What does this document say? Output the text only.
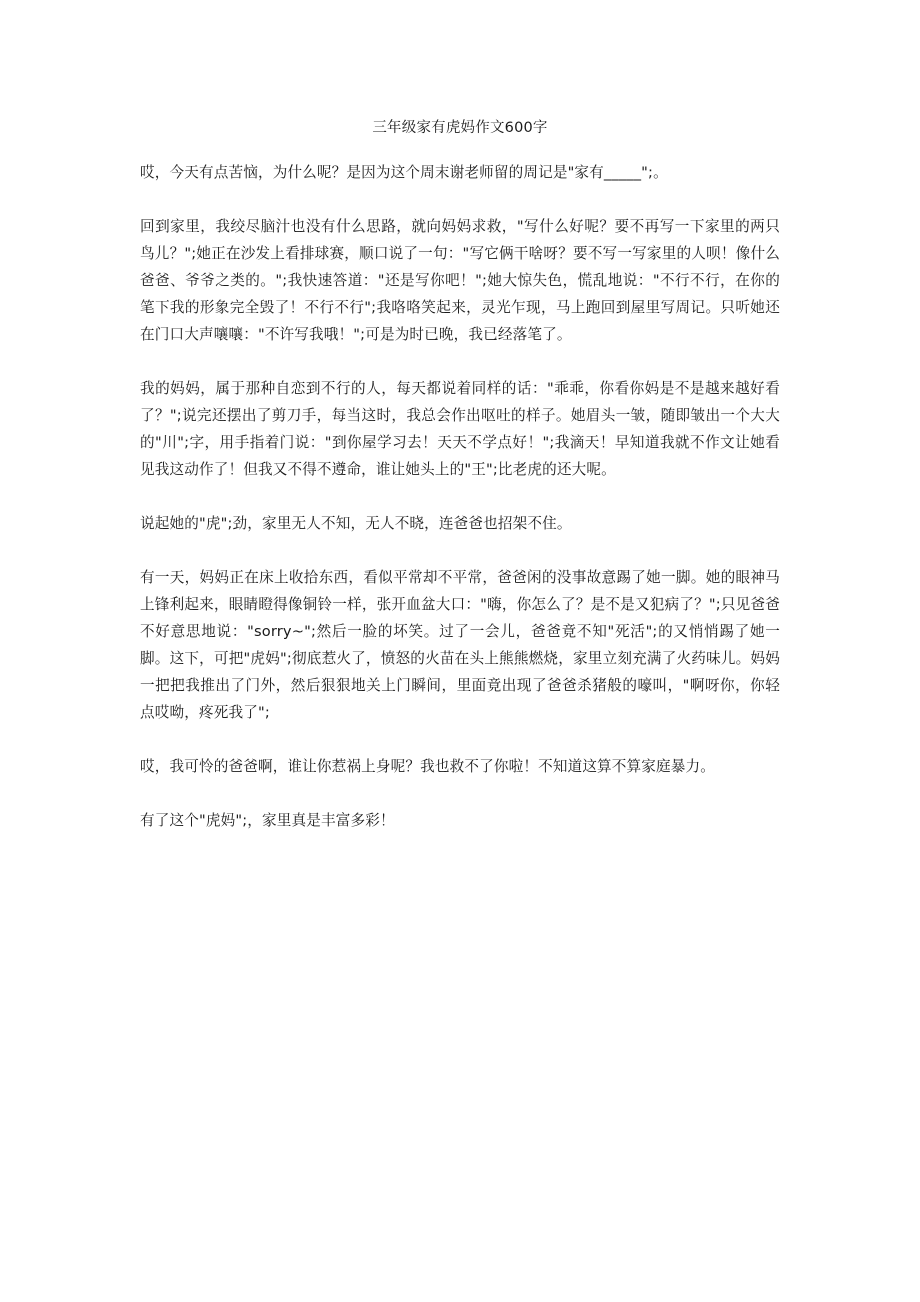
三年级家有虎妈作文600字

哎，今天有点苦恼，为什么呢？是因为这个周末谢老师留的周记是"家有_____";。

回到家里，我绞尽脑汁也没有什么思路，就向妈妈求救，"写什么好呢？要不再写一下家里的两只鸟儿？";她正在沙发上看排球赛，顺口说了一句："写它俩干啥呀？要不写一写家里的人呗！像什么爸爸、爷爷之类的。";我快速答道："还是写你吧！";她大惊失色，慌乱地说："不行不行，在你的笔下我的形象完全毁了！不行不行";我咯咯笑起来，灵光乍现，马上跑回到屋里写周记。只听她还在门口大声嚷嚷："不许写我哦！";可是为时已晚，我已经落笔了。

我的妈妈，属于那种自恋到不行的人，每天都说着同样的话："乖乖，你看你妈是不是越来越好看了？";说完还摆出了剪刀手，每当这时，我总会作出呕吐的样子。她眉头一皱，随即皱出一个大大的"川";字，用手指着门说："到你屋学习去！天天不学点好！";我滴天！早知道我就不作文让她看见我这动作了！但我又不得不遵命，谁让她头上的"王";比老虎的还大呢。

说起她的"虎";劲，家里无人不知，无人不晓，连爸爸也招架不住。

有一天，妈妈正在床上收拾东西，看似平常却不平常，爸爸闲的没事故意踢了她一脚。她的眼神马上锋利起来，眼睛瞪得像铜铃一样，张开血盆大口："嗨，你怎么了？是不是又犯病了？";只见爸爸不好意思地说："sorry~";然后一脸的坏笑。过了一会儿，爸爸竟不知"死活";的又悄悄踢了她一脚。这下，可把"虎妈";彻底惹火了，愤怒的火苗在头上熊熊燃烧，家里立刻充满了火药味儿。妈妈一把把我推出了门外，然后狠狠地关上门瞬间，里面竟出现了爸爸杀猪般的嚎叫，"啊呀你，你轻点哎呦，疼死我了";

哎，我可怜的爸爸啊，谁让你惹祸上身呢？我也救不了你啦！不知道这算不算家庭暴力。

有了这个"虎妈";，家里真是丰富多彩！
